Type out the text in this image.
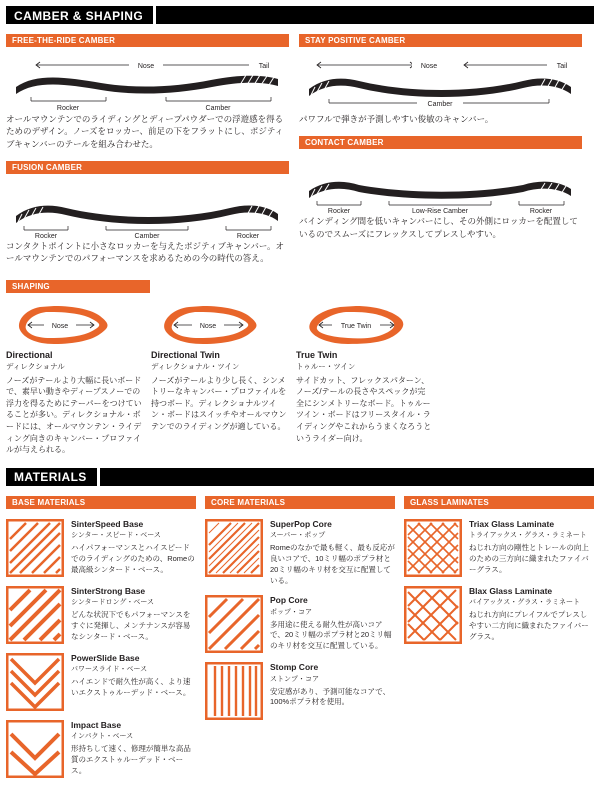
CAMBER & SHAPING
FREE-THE-RIDE CAMBER
Nose	Tail
Rocker	Camber
オールマウンテンでのライディングとディープパウダーでの浮遊感を得るためのデザイン。ノーズをロッカー、前足の下をフラットにし、ポジティブキャンバーのテールを組み合わせた。
FUSION CAMBER
Rocker	Camber	Rocker
コンタクトポイントに小さなロッカーを与えたポジティブキャンバー。オールマウンテンでのパフォーマンスを求めるための今の時代の答え。
STAY POSITIVE CAMBER
Nose	Tail
Camber
パワフルで弾きが予測しやすい俊敏のキャンバー。
CONTACT CAMBER
Rocker	Low-Rise Camber	Rocker
バインディング間を低いキャンバーにし、その外側にロッカーを配置しているのでスムーズにフレックスしてプレスしやすい。
SHAPING
Nose
Directional
ディレクショナル
ノーズがテールより大幅に長いボードで、素早い動きやディープスノーでの浮力を得るためにテーパーをつけていることが多い。ディレクショナル・ボードには、オールマウンテン・ライディング向きのキャンバー・プロファイルが与えられる。
Nose
Directional Twin
ディレクショナル・ツイン
ノーズがテールより少し長く、シンメトリーなキャンバー・プロファイルを持つボード。ディレクショナルツイン・ボードはスイッチやオールマウンテンでのライディングが適している。
True Twin
True Twin
トゥルー・ツイン
サイドカット、フレックスパターン、ノーズ/テールの長さやスペックが完全にシンメトリーなボード。トゥルーツイン・ボードはフリースタイル・ライディングやこれからうまくなろうというライダー向け。
MATERIALS
BASE MATERIALS
SinterSpeed Base
シンター・スピード・ベース
ハイパフォーマンスとハイスピードでのライディングのための、Romeの最高級シンタード・ベース。
SinterStrong Base
シンタードロング・ベース
どんな状況下でもパフォーマンスをすぐに発揮し、メンテナンスが容易なシンタード・ベース。
PowerSlide Base
パワースライド・ベース
ハイエンドで耐久性が高く、より速いエクストゥルーデッド・ベース。
Impact Base
インパクト・ベース
形持ちして速く、修理が簡単な高品質のエクストゥルーデッド・ベース。
CORE MATERIALS
SuperPop Core
スーパー・ポップ
Romeのなかで最も軽く、最も反応が良いコアで、10ミリ幅のポプラ材と20ミリ幅のキリ材を交互に配置している。
Pop Core
ポップ・コア
多用途に使える耐久性が高いコアで、20ミリ幅のポプラ材と20ミリ幅のキリ材を交互に配置している。
Stomp Core
ストンプ・コア
安定感があり、予測可能なコアで、100%ポプラ材を使用。
GLASS LAMINATES
Triax Glass Laminate
トライアックス・グラス・ラミネート
ねじれ方向の剛性とトレールの向上のための三方向に織まれたファイバーグラス。
Blax Glass Laminate
バイアックス・グラス・ラミネート
ねじれ方向にプレイフルでプレスしやすい二方向に織まれたファイバーグラス。
